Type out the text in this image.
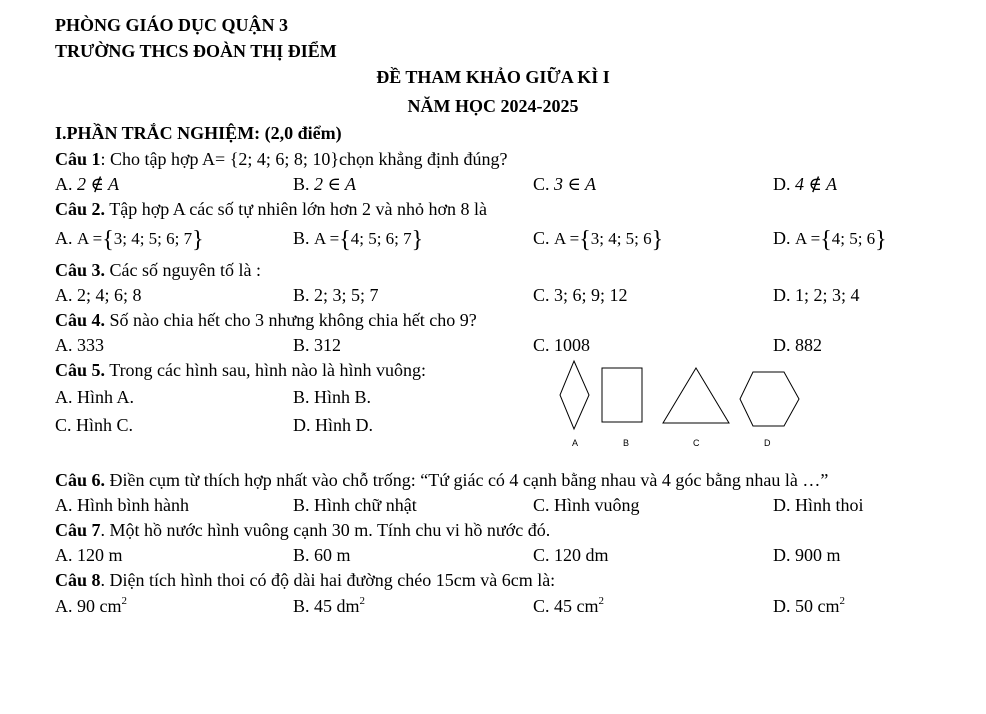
PHÒNG GIÁO DỤC QUẬN 3
TRƯỜNG THCS ĐOÀN THỊ ĐIỂM
ĐỀ THAM KHẢO GIỮA KÌ I
NĂM HỌC 2024-2025
I.PHẦN TRẮC NGHIỆM: (2,0 điểm)
Câu 1: Cho tập hợp A= {2; 4; 6; 8; 10}chọn khẳng định đúng?
A. 2 ∉ A	B. 2 ∈ A	C. 3 ∈ A	D. 4 ∉ A
Câu 2. Tập hợp A các số tự nhiên lớn hơn 2 và nhỏ hơn 8 là
A. A ={3; 4; 5; 6; 7}	B. A ={4; 5; 6; 7}	C. A ={3; 4; 5; 6}	D. A ={4; 5; 6}
Câu 3. Các số nguyên tố là :
A. 2; 4; 6; 8	B. 2; 3; 5; 7	C. 3; 6; 9; 12	D. 1; 2; 3; 4
Câu 4. Số nào chia hết cho 3 nhưng không chia hết cho 9?
A. 333	B. 312	C. 1008	D. 882
Câu 5. Trong các hình sau, hình nào là hình vuông:
A. Hình A.	B. Hình B.
C. Hình C.	D. Hình D.
A	B	C	D
Câu 6. Điền cụm từ thích hợp nhất vào chỗ trống: “Tứ giác có 4 cạnh bằng nhau và 4 góc bằng nhau là …”
A. Hình bình hành	B. Hình chữ nhật	C. Hình vuông	D. Hình thoi
Câu 7. Một hồ nước hình vuông cạnh 30 m. Tính chu vi hồ nước đó.
A. 120 m	B. 60 m	C. 120 dm	D. 900 m
Câu 8. Diện tích hình thoi có độ dài hai đường chéo 15cm và 6cm là:
A. 90 $cm^2$	B. 45 $dm^2$	C. 45 $cm^2$	D. 50 $cm^2$
